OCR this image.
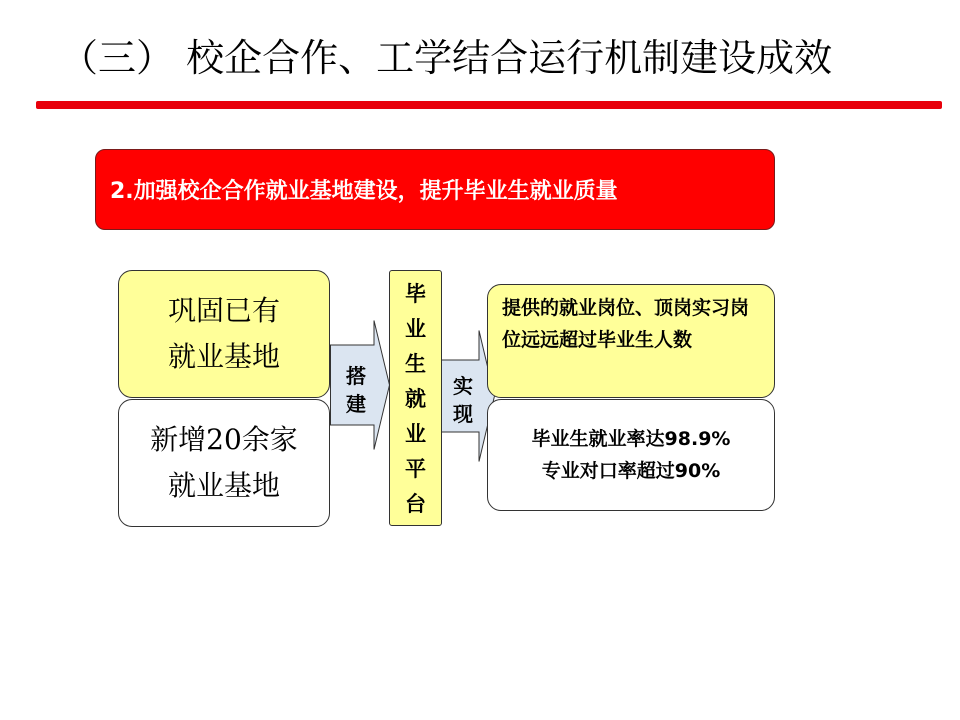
（三） 校企合作、工学结合运行机制建设成效
2.加强校企合作就业基地建设，提升毕业生就业质量
巩固已有
就业基地
新增20余家
就业基地
搭建
毕业生就业平台
实现
提供的就业岗位、顶岗实习岗位远远超过毕业生人数
毕业生就业率达98.9%
专业对口率超过90%
